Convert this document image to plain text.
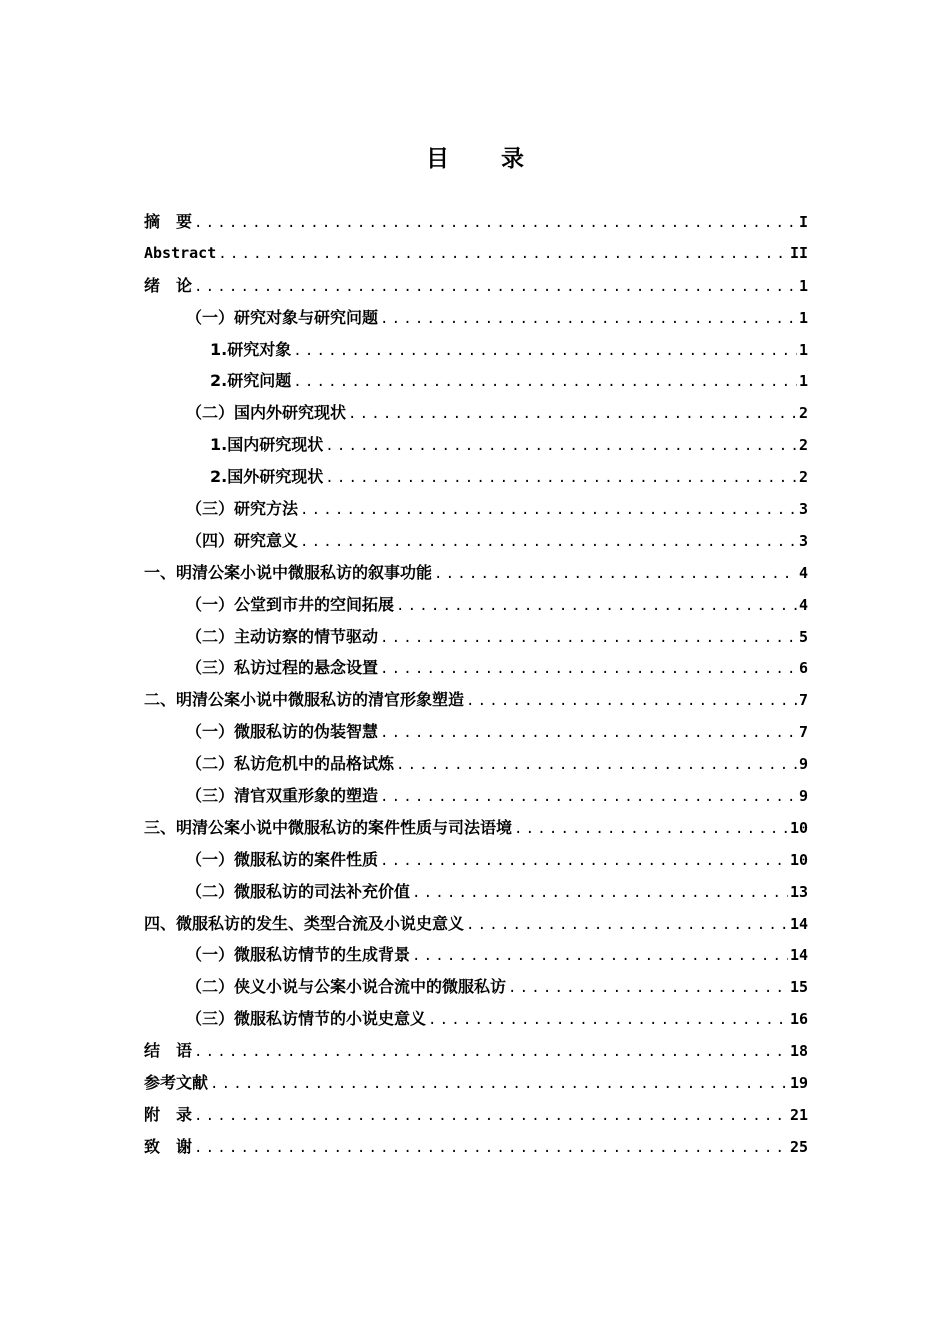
目 录
摘　要 .....	I
Abstract .....	II
绪　论 .....	1
（一）研究对象与研究问题 .....	1
1.研究对象 .....	1
2.研究问题 .....	1
（二）国内外研究现状 .....	2
1.国内研究现状 .....	2
2.国外研究现状 .....	2
（三）研究方法 .....	3
（四）研究意义 .....	3
一、明清公案小说中微服私访的叙事功能 .....	4
（一）公堂到市井的空间拓展 .....	4
（二）主动访察的情节驱动 .....	5
（三）私访过程的悬念设置 .....	6
二、明清公案小说中微服私访的清官形象塑造 .....	7
（一）微服私访的伪装智慧 .....	7
（二）私访危机中的品格试炼 .....	9
（三）清官双重形象的塑造 .....	9
三、明清公案小说中微服私访的案件性质与司法语境 .....	10
（一）微服私访的案件性质 .....	10
（二）微服私访的司法补充价值 .....	13
四、微服私访的发生、类型合流及小说史意义 .....	14
（一）微服私访情节的生成背景 .....	14
（二）侠义小说与公案小说合流中的微服私访 .....	15
（三）微服私访情节的小说史意义 .....	16
结　语 .....	18
参考文献 .....	19
附　录 .....	21
致　谢 .....	25
